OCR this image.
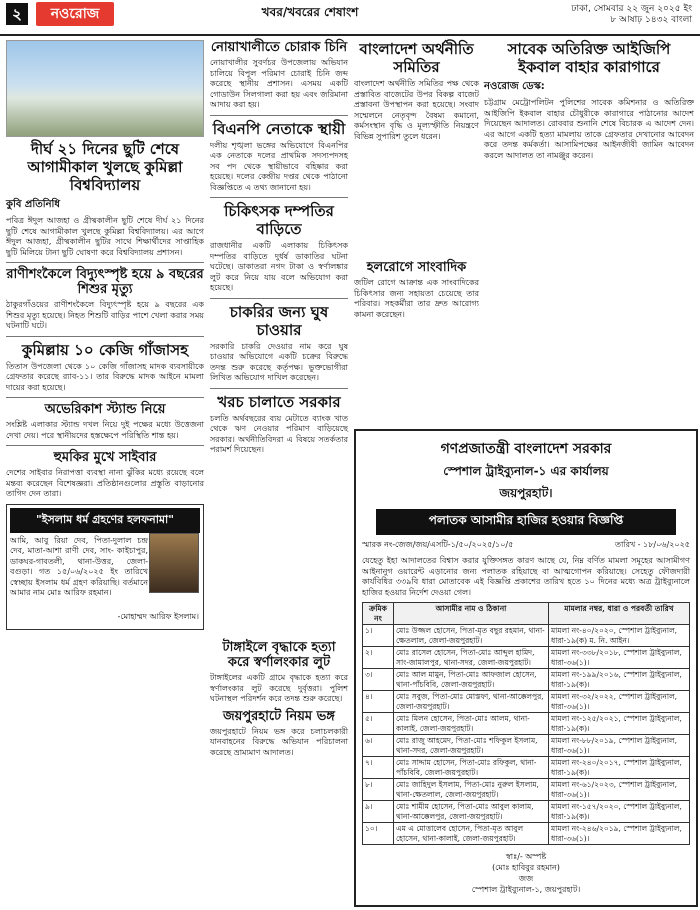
২	নওরোজ	খবর/খবরের শেষাংশ	ঢাকা, সোমবার ২২ জুন ২০২৫ ইং
৮ আষাঢ় ১৪৩২ বাংলা
দীর্ঘ ২১ দিনের ছুটি শেষে আগামীকাল খুলছে কুমিল্লা বিশ্ববিদ্যালয়
কুবি প্রতিনিধি

পবিত্র ঈদুল আজহা ও গ্রীষ্মকালীন ছুটি শেষে দীর্ঘ ২১ দিনের ছুটি শেষে আগামীকাল খুলছে কুমিল্লা বিশ্ববিদ্যালয়। এর আগে ঈদুল আজহা, গ্রীষ্মকালীন ছুটির সাথে শিক্ষার্থীদের সাপ্তাহিক ছুটি মিলিয়ে টানা ছুটি ঘোষণা করে বিশ্ববিদ্যালয় প্রশাসন।

রাণীশংকৈলে বিদ্যুৎস্পৃষ্ট হয়ে ৯ বছরের শিশুর মৃত্যু

ঠাকুরগাঁওয়ের রাণীশংকৈলে বিদ্যুৎস্পৃষ্ট হয়ে ৯ বছরের এক শিশুর মৃত্যু হয়েছে। নিহত শিশুটি বাড়ির পাশে খেলা করার সময় ঘটনাটি ঘটে।

কুমিল্লায় ১০ কেজি গাঁজাসহ

তিতাস উপজেলা থেকে ১০ কেজি গাঁজাসহ মাদক ব্যবসায়ীকে গ্রেফতার করেছে র‌্যাব-১১। তার বিরুদ্ধে মাদক আইনে মামলা দায়ের করা হয়েছে।

অভেরিকাশ স্ট্যান্ড নিয়ে

সংশ্লিষ্ট এলাকার স্ট্যান্ড দখল নিয়ে দুই পক্ষের মধ্যে উত্তেজনা দেখা দেয়। পরে স্থানীয়দের হস্তক্ষেপে পরিস্থিতি শান্ত হয়।

হুমকির মুখে সাইবার

দেশের সাইবার নিরাপত্তা ব্যবস্থা নানা ঝুঁকির মধ্যে রয়েছে বলে মন্তব্য করেছেন বিশেষজ্ঞরা। প্রতিষ্ঠানগুলোর প্রস্তুতি বাড়ানোর তাগিদ দেন তারা।

"ইসলাম ধর্ম গ্রহণের হলফনামা"

আমি, আবু রিয়া দেব, পিতা-দুলাল চন্দ্র দেব, মাতা-আশা রাণী দেব, সাং- কাইচাপুর, ডাকঘর-গাবতলী, থানা-উত্তর, জেলা-বগুড়া। গত ১৫/০৬/২০২৫ ইং তারিখে স্বেচ্ছায় ইসলাম ধর্ম গ্রহণ করিয়াছি। বর্তমানে আমার নাম মোঃ আরিফ রহমান।

-মোহাম্মদ আরিফ ইসলাম।
নোয়াখালীতে চোরাক চিনি

নোয়াখালীর সুবর্ণচর উপজেলায় অভিযান চালিয়ে বিপুল পরিমাণ চোরাই চিনি জব্দ করেছে স্থানীয় প্রশাসন। এসময় একটি গোডাউন সিলগালা করা হয় এবং জরিমানা আদায় করা হয়।

বিএনপি নেতাকে স্থায়ী

দলীয় শৃঙ্খলা ভঙ্গের অভিযোগে বিএনপির এক নেতাকে দলের প্রাথমিক সদস্যপদসহ সব পদ থেকে স্থায়ীভাবে বহিষ্কার করা হয়েছে। দলের কেন্দ্রীয় দপ্তর থেকে পাঠানো বিজ্ঞপ্তিতে এ তথ্য জানানো হয়।

চিকিৎসক দম্পতির বাড়িতে

রাজধানীর একটি এলাকায় চিকিৎসক দম্পতির বাড়িতে দুর্ধর্ষ ডাকাতির ঘটনা ঘটেছে। ডাকাতরা নগদ টাকা ও স্বর্ণালঙ্কার লুট করে নিয়ে যায় বলে অভিযোগ করা হয়েছে।

চাকরির জন্য ঘুষ চাওয়ার

সরকারি চাকরি দেওয়ার নাম করে ঘুষ চাওয়ার অভিযোগে একটি চক্রের বিরুদ্ধে তদন্ত শুরু করেছে কর্তৃপক্ষ। ভুক্তভোগীরা লিখিত অভিযোগ দাখিল করেছেন।

খরচ চালাতে সরকার

চলতি অর্থবছরের ব্যয় মেটাতে ব্যাংক খাত থেকে ঋণ নেওয়ার পরিমাণ বাড়িয়েছে সরকার। অর্থনীতিবিদরা এ বিষয়ে সতর্কতার পরামর্শ দিয়েছেন।

বাংলাদেশ অর্থনীতি সমিতির

বাংলাদেশ অর্থনীতি সমিতির পক্ষ থেকে প্রস্তাবিত বাজেটের উপর বিকল্প বাজেট প্রস্তাবনা উপস্থাপন করা হয়েছে। সংবাদ সম্মেলনে নেতৃবৃন্দ বৈষম্য কমানো, কর্মসংস্থান বৃদ্ধি ও মূল্যস্ফীতি নিয়ন্ত্রণে বিভিন্ন সুপারিশ তুলে ধরেন।

সাবেক অতিরিক্ত আইজিপি ইকবাল বাহার কারাগারে
নওরোজ ডেস্ক:

চট্টগ্রাম মেট্রোপলিটন পুলিশের সাবেক কমিশনার ও অতিরিক্ত আইজিপি ইকবাল বাহার চৌধুরীকে কারাগারে পাঠানোর আদেশ দিয়েছেন আদালত। রোববার শুনানি শেষে বিচারক এ আদেশ দেন। এর আগে একটি হত্যা মামলায় তাকে গ্রেফতার দেখানোর আবেদন করে তদন্ত কর্মকর্তা। আসামিপক্ষের আইনজীবী জামিন আবেদন করলে আদালত তা নামঞ্জুর করেন।

হলরোগে সাংবাদিক

জটিল রোগে আক্রান্ত এক সাংবাদিকের চিকিৎসার জন্য সহায়তা চেয়েছে তার পরিবার। সহকর্মীরা তার দ্রুত আরোগ্য কামনা করেছেন।

টাঙ্গাইলে বৃদ্ধাকে হত্যা করে স্বর্ণালংকার লুট

টাঙ্গাইলের একটি গ্রামে বৃদ্ধাকে হত্যা করে স্বর্ণালংকার লুট করেছে দুর্বৃত্তরা। পুলিশ ঘটনাস্থল পরিদর্শন করে তদন্ত শুরু করেছে।

জয়পুরহাটে নিয়ম ভঙ্গ

জয়পুরহাটে নিয়ম ভঙ্গ করে চলাচলকারী যানবাহনের বিরুদ্ধে অভিযান পরিচালনা করেছে ভ্রাম্যমাণ আদালত।

গণপ্রজাতন্ত্রী বাংলাদেশ সরকার
স্পেশাল ট্রাইব্যুনাল-১ এর কার্যালয়
জয়পুরহাট।
পলাতক আসামীর হাজির হওয়ার বিজ্ঞপ্তি
স্মারক নং-জেজ/জয়/এসটি-১/৫০/২০২৫/১০/৫	তারিখ - ১৮/০৬/২০২৫

যেহেতু ইহা আদালতের বিশ্বাস করার যুক্তিসঙ্গত কারণ আছে যে, নিম্ন বর্ণিত মামলা সমূহের আসামীগণ আইনানুগ ওয়ারেন্ট এড়ানোর জন্য পলাতক রহিয়াছে বা আত্মগোপন করিয়াছে। সেহেতু ফৌজদারী কার্যবিধির ৩৩৯বি ধারা মোতাবেক এই বিজ্ঞপ্তি প্রকাশের তারিখ হতে ১০ দিনের মধ্যে অত্র ট্রাইব্যুনালে হাজির হওয়ার নির্দেশ দেওয়া গেল।

ক্রমিক নং	আসামীর নাম ও ঠিকানা	মামলার নম্বর, ধারা ও পরবর্তী তারিখ
১।	মোঃ উজ্জল হোসেন, পিতা-মৃত বছুর রহমান, থানা-ক্ষেতলাল, জেলা-জয়পুরহাট।	মামলা নং-৪০/২০২০, স্পেশাল ট্রাইব্যুনাল, ধারা-১৯(ক) ম. নি. আইন।
২।	মোঃ রাসেল হোসেন, পিতা-মোঃ আব্দুল হামিদ, সাং-জামালপুর, থানা-সদর, জেলা-জয়পুরহাট।	মামলা নং-৩৩৮/২০১৮, স্পেশাল ট্রাইব্যুনাল, ধারা-৩৬(১)।
৩।	মোঃ আল মামুন, পিতা-মোঃ আফজাল হোসেন, থানা-পাঁচবিবি, জেলা-জয়পুরহাট।	মামলা নং-১৯৯/২০১৬, স্পেশাল ট্রাইব্যুনাল, ধারা-১৯(ক)।
৪।	মোঃ সবুজ, পিতা-মোঃ মোস্তফা, থানা-আক্কেলপুর, জেলা-জয়পুরহাট।	মামলা নং-৩২/২০২২, স্পেশাল ট্রাইব্যুনাল, ধারা-৩৬(১)।
৫।	মোঃ মিলন হোসেন, পিতা-মোঃ আলম, থানা-কালাই, জেলা-জয়পুরহাট।	মামলা নং-১২৫/২০২১, স্পেশাল ট্রাইব্যুনাল, ধারা-১৯(ক)।
৬।	মোঃ রাজু আহমেদ, পিতা-মোঃ শফিকুল ইসলাম, থানা-সদর, জেলা-জয়পুরহাট।	মামলা নং-৮৮/২০১৯, স্পেশাল ট্রাইব্যুনাল, ধারা-৩৬(১)।
৭।	মোঃ সাদ্দাম হোসেন, পিতা-মোঃ রফিকুল, থানা-পাঁচবিবি, জেলা-জয়পুরহাট।	মামলা নং-২৪০/২০১৭, স্পেশাল ট্রাইব্যুনাল, ধারা-১৯(ক)।
৮।	মোঃ জাহিদুল ইসলাম, পিতা-মোঃ নুরুল ইসলাম, থানা-ক্ষেতলাল, জেলা-জয়পুরহাট।	মামলা নং-৬১/২০২৩, স্পেশাল ট্রাইব্যুনাল, ধারা-৩৬(১)।
৯।	মোঃ শামীম হোসেন, পিতা-মোঃ আবুল কালাম, থানা-আক্কেলপুর, জেলা-জয়পুরহাট।	মামলা নং-১৫৭/২০২০, স্পেশাল ট্রাইব্যুনাল, ধারা-১৯(ক)।
১০।	এম এ মোত্তালেব হোসেন, পিতা-মৃত আবুল হোসেন, থানা-কালাই, জেলা-জয়পুরহাট।	মামলা নং-২৪৬/২০১৯, স্পেশাল ট্রাইব্যুনাল, ধারা-৩৬(১)।
স্বাঃ/- অস্পষ্ট
(মোঃ হাবিবুর রহমান)
জজ
স্পেশাল ট্রাইব্যুনাল-১, জয়পুরহাট।
